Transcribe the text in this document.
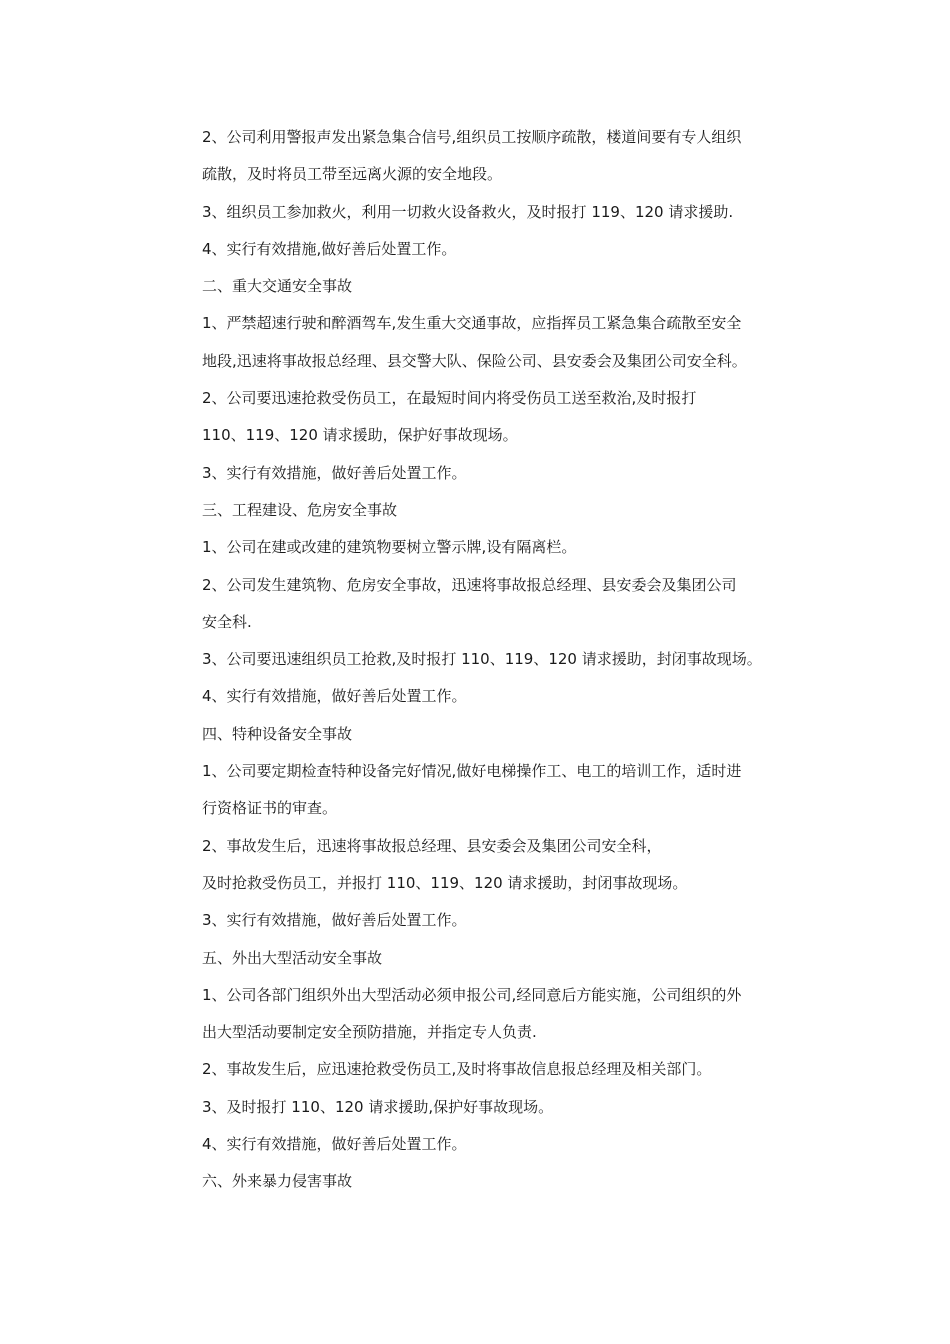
2、公司利用警报声发出紧急集合信号,组织员工按顺序疏散，楼道间要有专人组织
疏散，及时将员工带至远离火源的安全地段。
3、组织员工参加救火，利用一切救火设备救火，及时报打 119、120 请求援助.
4、实行有效措施,做好善后处置工作。
二、重大交通安全事故
1、严禁超速行驶和醉酒驾车,发生重大交通事故，应指挥员工紧急集合疏散至安全
地段,迅速将事故报总经理、县交警大队、保险公司、县安委会及集团公司安全科。
2、公司要迅速抢救受伤员工，在最短时间内将受伤员工送至救治,及时报打
110、119、120 请求援助，保护好事故现场。
3、实行有效措施，做好善后处置工作。
三、工程建设、危房安全事故
1、公司在建或改建的建筑物要树立警示牌,设有隔离栏。
2、公司发生建筑物、危房安全事故，迅速将事故报总经理、县安委会及集团公司
安全科.
3、公司要迅速组织员工抢救,及时报打 110、119、120 请求援助，封闭事故现场。
4、实行有效措施，做好善后处置工作。
四、特种设备安全事故
1、公司要定期检查特种设备完好情况,做好电梯操作工、电工的培训工作，适时进
行资格证书的审查。
2、事故发生后，迅速将事故报总经理、县安委会及集团公司安全科，
及时抢救受伤员工，并报打 110、119、120 请求援助，封闭事故现场。
3、实行有效措施，做好善后处置工作。
五、外出大型活动安全事故
1、公司各部门组织外出大型活动必须申报公司,经同意后方能实施，公司组织的外
出大型活动要制定安全预防措施，并指定专人负责.
2、事故发生后，应迅速抢救受伤员工,及时将事故信息报总经理及相关部门。
3、及时报打 110、120 请求援助,保护好事故现场。
4、实行有效措施，做好善后处置工作。
六、外来暴力侵害事故
